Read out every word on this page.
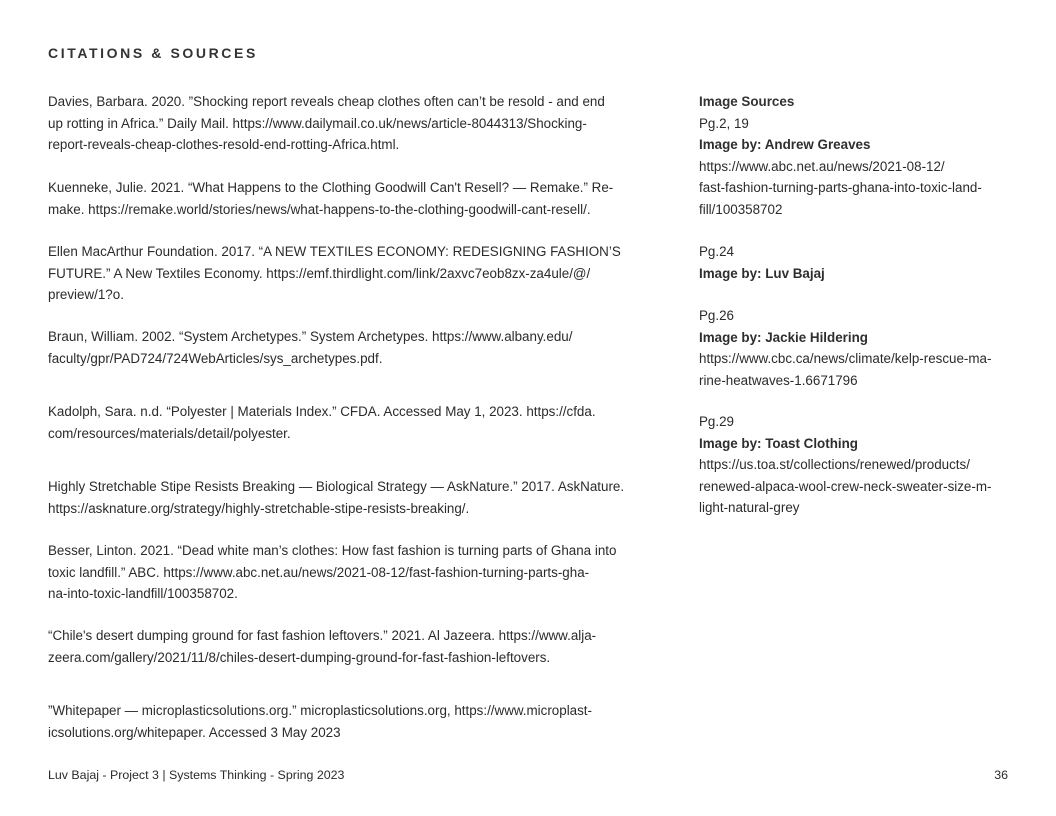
CITATIONS & SOURCES

Davies, Barbara. 2020. ”Shocking report reveals cheap clothes often can’t be resold - and end
up rotting in Africa.” Daily Mail. https://www.dailymail.co.uk/news/article-8044313/Shocking-
report-reveals-cheap-clothes-resold-end-rotting-Africa.html.

Kuenneke, Julie. 2021. “What Happens to the Clothing Goodwill Can't Resell? — Remake.” Re-
make. https://remake.world/stories/news/what-happens-to-the-clothing-goodwill-cant-resell/.

Ellen MacArthur Foundation. 2017. “A NEW TEXTILES ECONOMY: REDESIGNING FASHION’S
FUTURE.” A New Textiles Economy. https://emf.thirdlight.com/link/2axvc7eob8zx-za4ule/@/
preview/1?o.

Braun, William. 2002. “System Archetypes.” System Archetypes. https://www.albany.edu/
faculty/gpr/PAD724/724WebArticles/sys_archetypes.pdf.

Kadolph, Sara. n.d. “Polyester | Materials Index.” CFDA. Accessed May 1, 2023. https://cfda.
com/resources/materials/detail/polyester.

Highly Stretchable Stipe Resists Breaking — Biological Strategy — AskNature.” 2017. AskNature.
https://asknature.org/strategy/highly-stretchable-stipe-resists-breaking/.

Besser, Linton. 2021. “Dead white man’s clothes: How fast fashion is turning parts of Ghana into
toxic landfill.” ABC. https://www.abc.net.au/news/2021-08-12/fast-fashion-turning-parts-gha-
na-into-toxic-landfill/100358702.

“Chile's desert dumping ground for fast fashion leftovers.” 2021. Al Jazeera. https://www.alja-
zeera.com/gallery/2021/11/8/chiles-desert-dumping-ground-for-fast-fashion-leftovers.

”Whitepaper — microplasticsolutions.org.” microplasticsolutions.org, https://www.microplast-
icsolutions.org/whitepaper. Accessed 3 May 2023

Image Sources
Pg.2, 19
Image by: Andrew Greaves
https://www.abc.net.au/news/2021-08-12/
fast-fashion-turning-parts-ghana-into-toxic-land-
fill/100358702
Pg.24
Image by: Luv Bajaj
Pg.26
Image by: Jackie Hildering
https://www.cbc.ca/news/climate/kelp-rescue-ma-
rine-heatwaves-1.6671796
Pg.29
Image by: Toast Clothing
https://us.toa.st/collections/renewed/products/
renewed-alpaca-wool-crew-neck-sweater-size-m-
light-natural-grey
Luv Bajaj - Project 3 | Systems Thinking - Spring 2023	36
